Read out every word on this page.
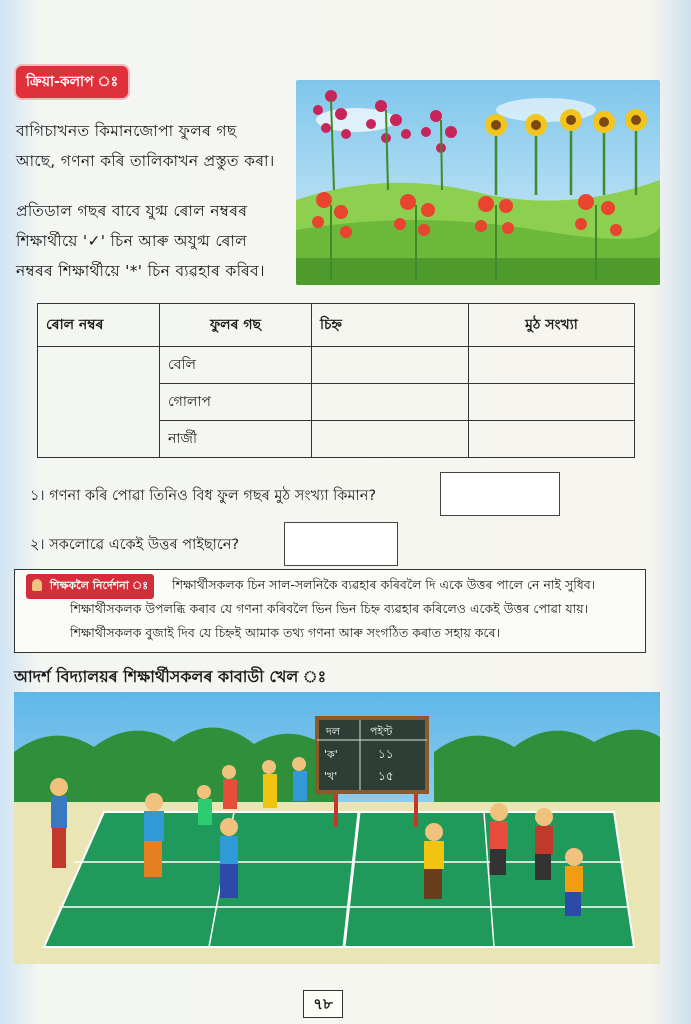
ক্ৰিয়া-কলাপ ঃ
বাগিচাখনত কিমানজোপা ফুলৰ গছ
আছে, গণনা কৰি তালিকাখন প্ৰস্তুত কৰা।
প্ৰতিডাল গছৰ বাবে যুগ্ম ৰোল নম্বৰৰ
শিক্ষাৰ্থীয়ে '✓' চিন আৰু অযুগ্ম ৰোল
নম্বৰৰ শিক্ষাৰ্থীয়ে '*' চিন ব্যৱহাৰ কৰিব।
ৰোল নম্বৰ	ফুলৰ গছ	চিহ্ন	মুঠ সংখ্যা
	বেলি		
	গোলাপ		
	নাৰ্জী		
১। গণনা কৰি পোৱা তিনিও বিধ ফুল গছৰ মুঠ সংখ্যা কিমান?
২। সকলোৱে একেই উত্তৰ পাইছানে?
শিক্ষকলৈ নিৰ্দেশনা ঃ	শিক্ষাৰ্থীসকলক চিন সাল-সলনিকৈ ব্যৱহাৰ কৰিবলৈ দি একে উত্তৰ পালে নে নাই সুধিব।
শিক্ষাৰ্থীসকলক উপলব্ধি কৰাব যে গণনা কৰিবলৈ ভিন ভিন চিহ্ন ব্যৱহাৰ কৰিলেও একেই উত্তৰ পোৱা যায়।
শিক্ষাৰ্থীসকলক বুজাই দিব যে চিহ্নই আমাক তথ্য গণনা আৰু সংগঠিত কৰাত সহায় কৰে।
আদৰ্শ বিদ্যালয়ৰ শিক্ষাৰ্থীসকলৰ কাবাডী খেল ঃ
দল	পইণ্ট
'ক'	১১
'খ'	১৫
৭৮
